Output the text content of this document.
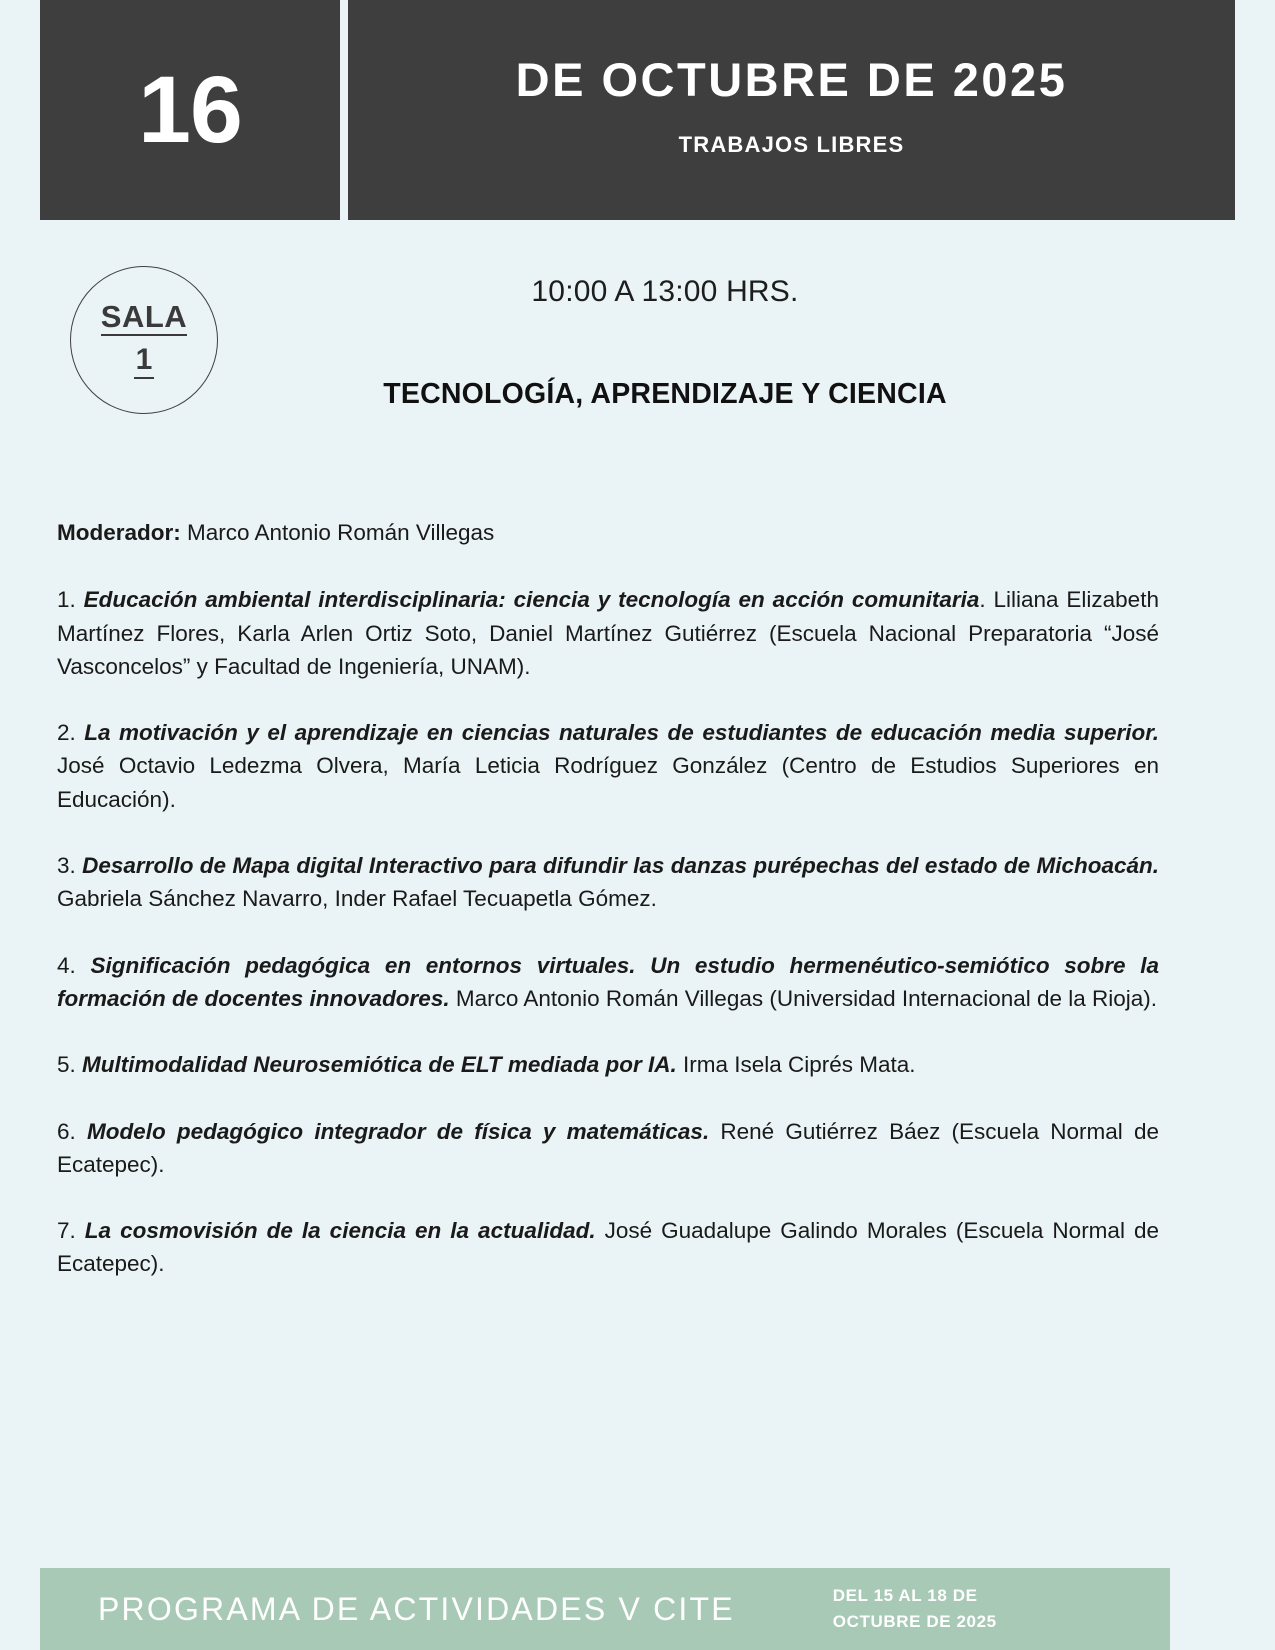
16	DE OCTUBRE DE 2025
TRABAJOS LIBRES
SALA
1
10:00 A 13:00 HRS.
TECNOLOGÍA, APRENDIZAJE Y CIENCIA

Moderador: Marco Antonio Román Villegas

1. Educación ambiental interdisciplinaria: ciencia y tecnología en acción comunitaria. Liliana Elizabeth Martínez Flores, Karla Arlen Ortiz Soto, Daniel Martínez Gutiérrez (Escuela Nacional Preparatoria “José Vasconcelos” y Facultad de Ingeniería, UNAM).

2. La motivación y el aprendizaje en ciencias naturales de estudiantes de educación media superior. José Octavio Ledezma Olvera, María Leticia Rodríguez González (Centro de Estudios Superiores en Educación).

3. Desarrollo de Mapa digital Interactivo para difundir las danzas purépechas del estado de Michoacán. Gabriela Sánchez Navarro, Inder Rafael Tecuapetla Gómez.

4. Significación pedagógica en entornos virtuales. Un estudio hermenéutico-semiótico sobre la formación de docentes innovadores. Marco Antonio Román Villegas (Universidad Internacional de la Rioja).

5. Multimodalidad Neurosemiótica de ELT mediada por IA. Irma Isela Ciprés Mata.

6. Modelo pedagógico integrador de física y matemáticas. René Gutiérrez Báez (Escuela Normal de Ecatepec).

7. La cosmovisión de la ciencia en la actualidad. José Guadalupe Galindo Morales (Escuela Normal de Ecatepec).

PROGRAMA DE ACTIVIDADES V CITE	DEL 15 AL 18 DE
OCTUBRE DE 2025
